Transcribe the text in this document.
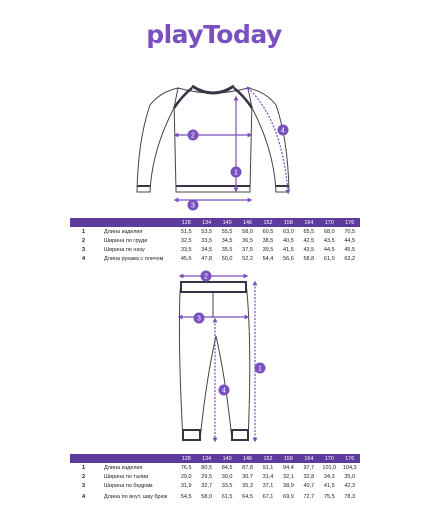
playToday
1
2
3
4
1
2
3
4
128	134	140	146	152	158	164	170	176
1	Длина изделия	51,5	53,5	55,5	58,0	60,5	63,0	65,5	68,0	70,5
2	Ширина по груди	32,5	33,5	34,5	36,5	38,5	40,5	42,5	43,5	44,5
3	Ширина по низу	33,5	34,5	35,5	37,5	39,5	41,5	43,5	44,5	45,5
4	Длина рукава с плечом	45,6	47,8	50,0	52,2	54,4	56,6	58,8	61,0	63,2
128	134	140	146	152	158	164	170	176
1	Длина изделия	76,5	80,5	84,5	87,8	91,1	94,4	97,7	101,0	104,3
2	Ширина по талии	29,0	29,5	30,0	30,7	31,4	32,1	32,8	34,3	35,0
3	Ширина по бедрам	31,9	32,7	33,5	35,3	37,1	38,9	40,7	41,5	42,3
4	Длина по внут. шву брюк	54,5	58,0	61,5	64,5	67,1	69,9	72,7	75,5	78,3
